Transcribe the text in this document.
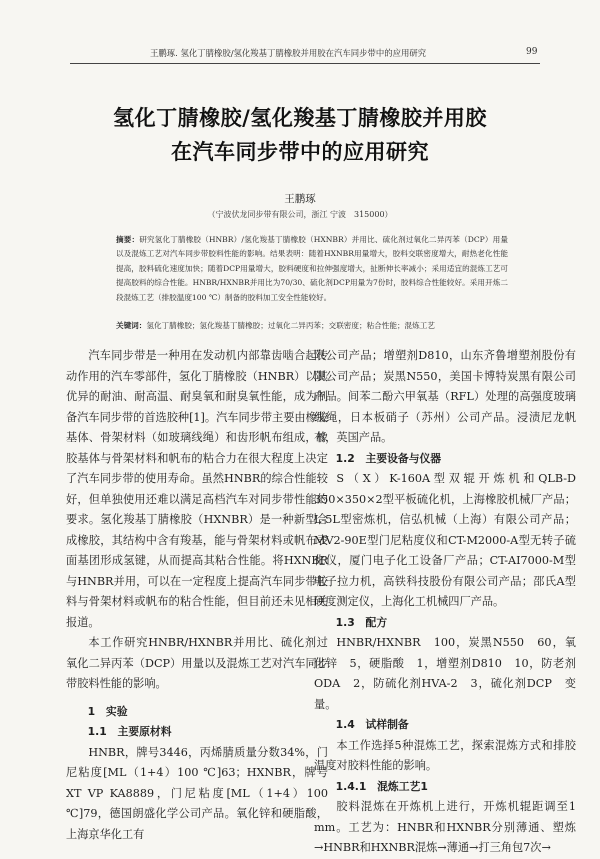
王鹏琢. 氢化丁腈橡胶/氢化羧基丁腈橡胶并用胶在汽车同步带中的应用研究	99
氢化丁腈橡胶/氢化羧基丁腈橡胶并用胶
在汽车同步带中的应用研究
王鹏琢
（宁波伏龙同步带有限公司，浙江 宁波　315000）
摘要：研究氢化丁腈橡胶（HNBR）/氢化羧基丁腈橡胶（HXNBR）并用比、硫化剂过氧化二异丙苯（DCP）用量以及混炼工艺对汽车同步带胶料性能的影响。结果表明：随着HXNBR用量增大，胶料交联密度增大，耐热老化性能提高，胶料硫化速度加快；随着DCP用量增大，胶料硬度和拉伸强度增大，扯断伸长率减小；采用适宜的混炼工艺可提高胶料的综合性能。HNBR/HXNBR并用比为70/30、硫化剂DCP用量为7份时，胶料综合性能较好。采用开炼二段混炼工艺（排胶温度100 ℃）制备的胶料加工安全性能较好。
关键词：氢化丁腈橡胶；氢化羧基丁腈橡胶；过氧化二异丙苯；交联密度；粘合性能；混炼工艺

汽车同步带是一种用在发动机内部靠齿啮合起传动作用的汽车零部件，氢化丁腈橡胶（HNBR）以其优异的耐油、耐高温、耐臭氧和耐臭氧性能，成为制备汽车同步带的首选胶种[1]。汽车同步带主要由橡胶基体、骨架材料（如玻璃线绳）和齿形帆布组成，橡胶基体与骨架材料和帆布的粘合力在很大程度上决定了汽车同步带的使用寿命。虽然HNBR的综合性能较好，但单独使用还难以满足高档汽车对同步带性能的要求。氢化羧基丁腈橡胶（HXNBR）是一种新型合成橡胶，其结构中含有羧基，能与骨架材料或帆布表面基团形成氢键，从而提高其粘合性能。将HXNBR与HNBR并用，可以在一定程度上提高汽车同步带胶料与骨架材料或帆布的粘合性能，但目前还未见相关报道。

本工作研究HNBR/HXNBR并用比、硫化剂过氧化二异丙苯（DCP）用量以及混炼工艺对汽车同步带胶料性能的影响。

1　实验

1.1　主要原材料

HNBR，牌号3446，丙烯腈质量分数34%，门尼粘度[ML（1+4）100 ℃]63；HXNBR，牌号XT VP KA8889，门尼粘度[ML（1+4）100 ℃]79，德国朗盛化学公司产品。氧化锌和硬脂酸，上海京华化工有

限公司产品；增塑剂D810，山东齐鲁增塑剂股份有限公司产品；炭黑N550，美国卡博特炭黑有限公司产品。间苯二酚六甲氧基（RFL）处理的高强度玻璃线绳，日本板硝子（苏州）公司产品。浸渍尼龙帆布，英国产品。

1.2　主要设备与仪器

S（X）K-160A型双辊开炼机和QLB-D 350×350×2型平板硫化机，上海橡胶机械厂产品；L-5L型密炼机，信弘机械（上海）有限公司产品；MV2-90E型门尼粘度仪和CT-M2000-A型无转子硫化仪，厦门电子化工设备厂产品；CT-AI7000-M型电子拉力机，高铁科技股份有限公司产品；邵氏A型硬度测定仪，上海化工机械四厂产品。

1.3　配方

HNBR/HXNBR　100，炭黑N550　60，氧化锌　5，硬脂酸　1，增塑剂D810　10，防老剂ODA　2，防硫化剂HVA-2　3，硫化剂DCP　变量。

1.4　试样制备

本工作选择5种混炼工艺，探索混炼方式和排胶温度对胶料性能的影响。

1.4.1　混炼工艺1

胶料混炼在开炼机上进行，开炼机辊距调至1 mm。工艺为：HNBR和HXNBR分别薄通、塑炼→HNBR和HXNBR混炼→薄通→打三角包7次→
